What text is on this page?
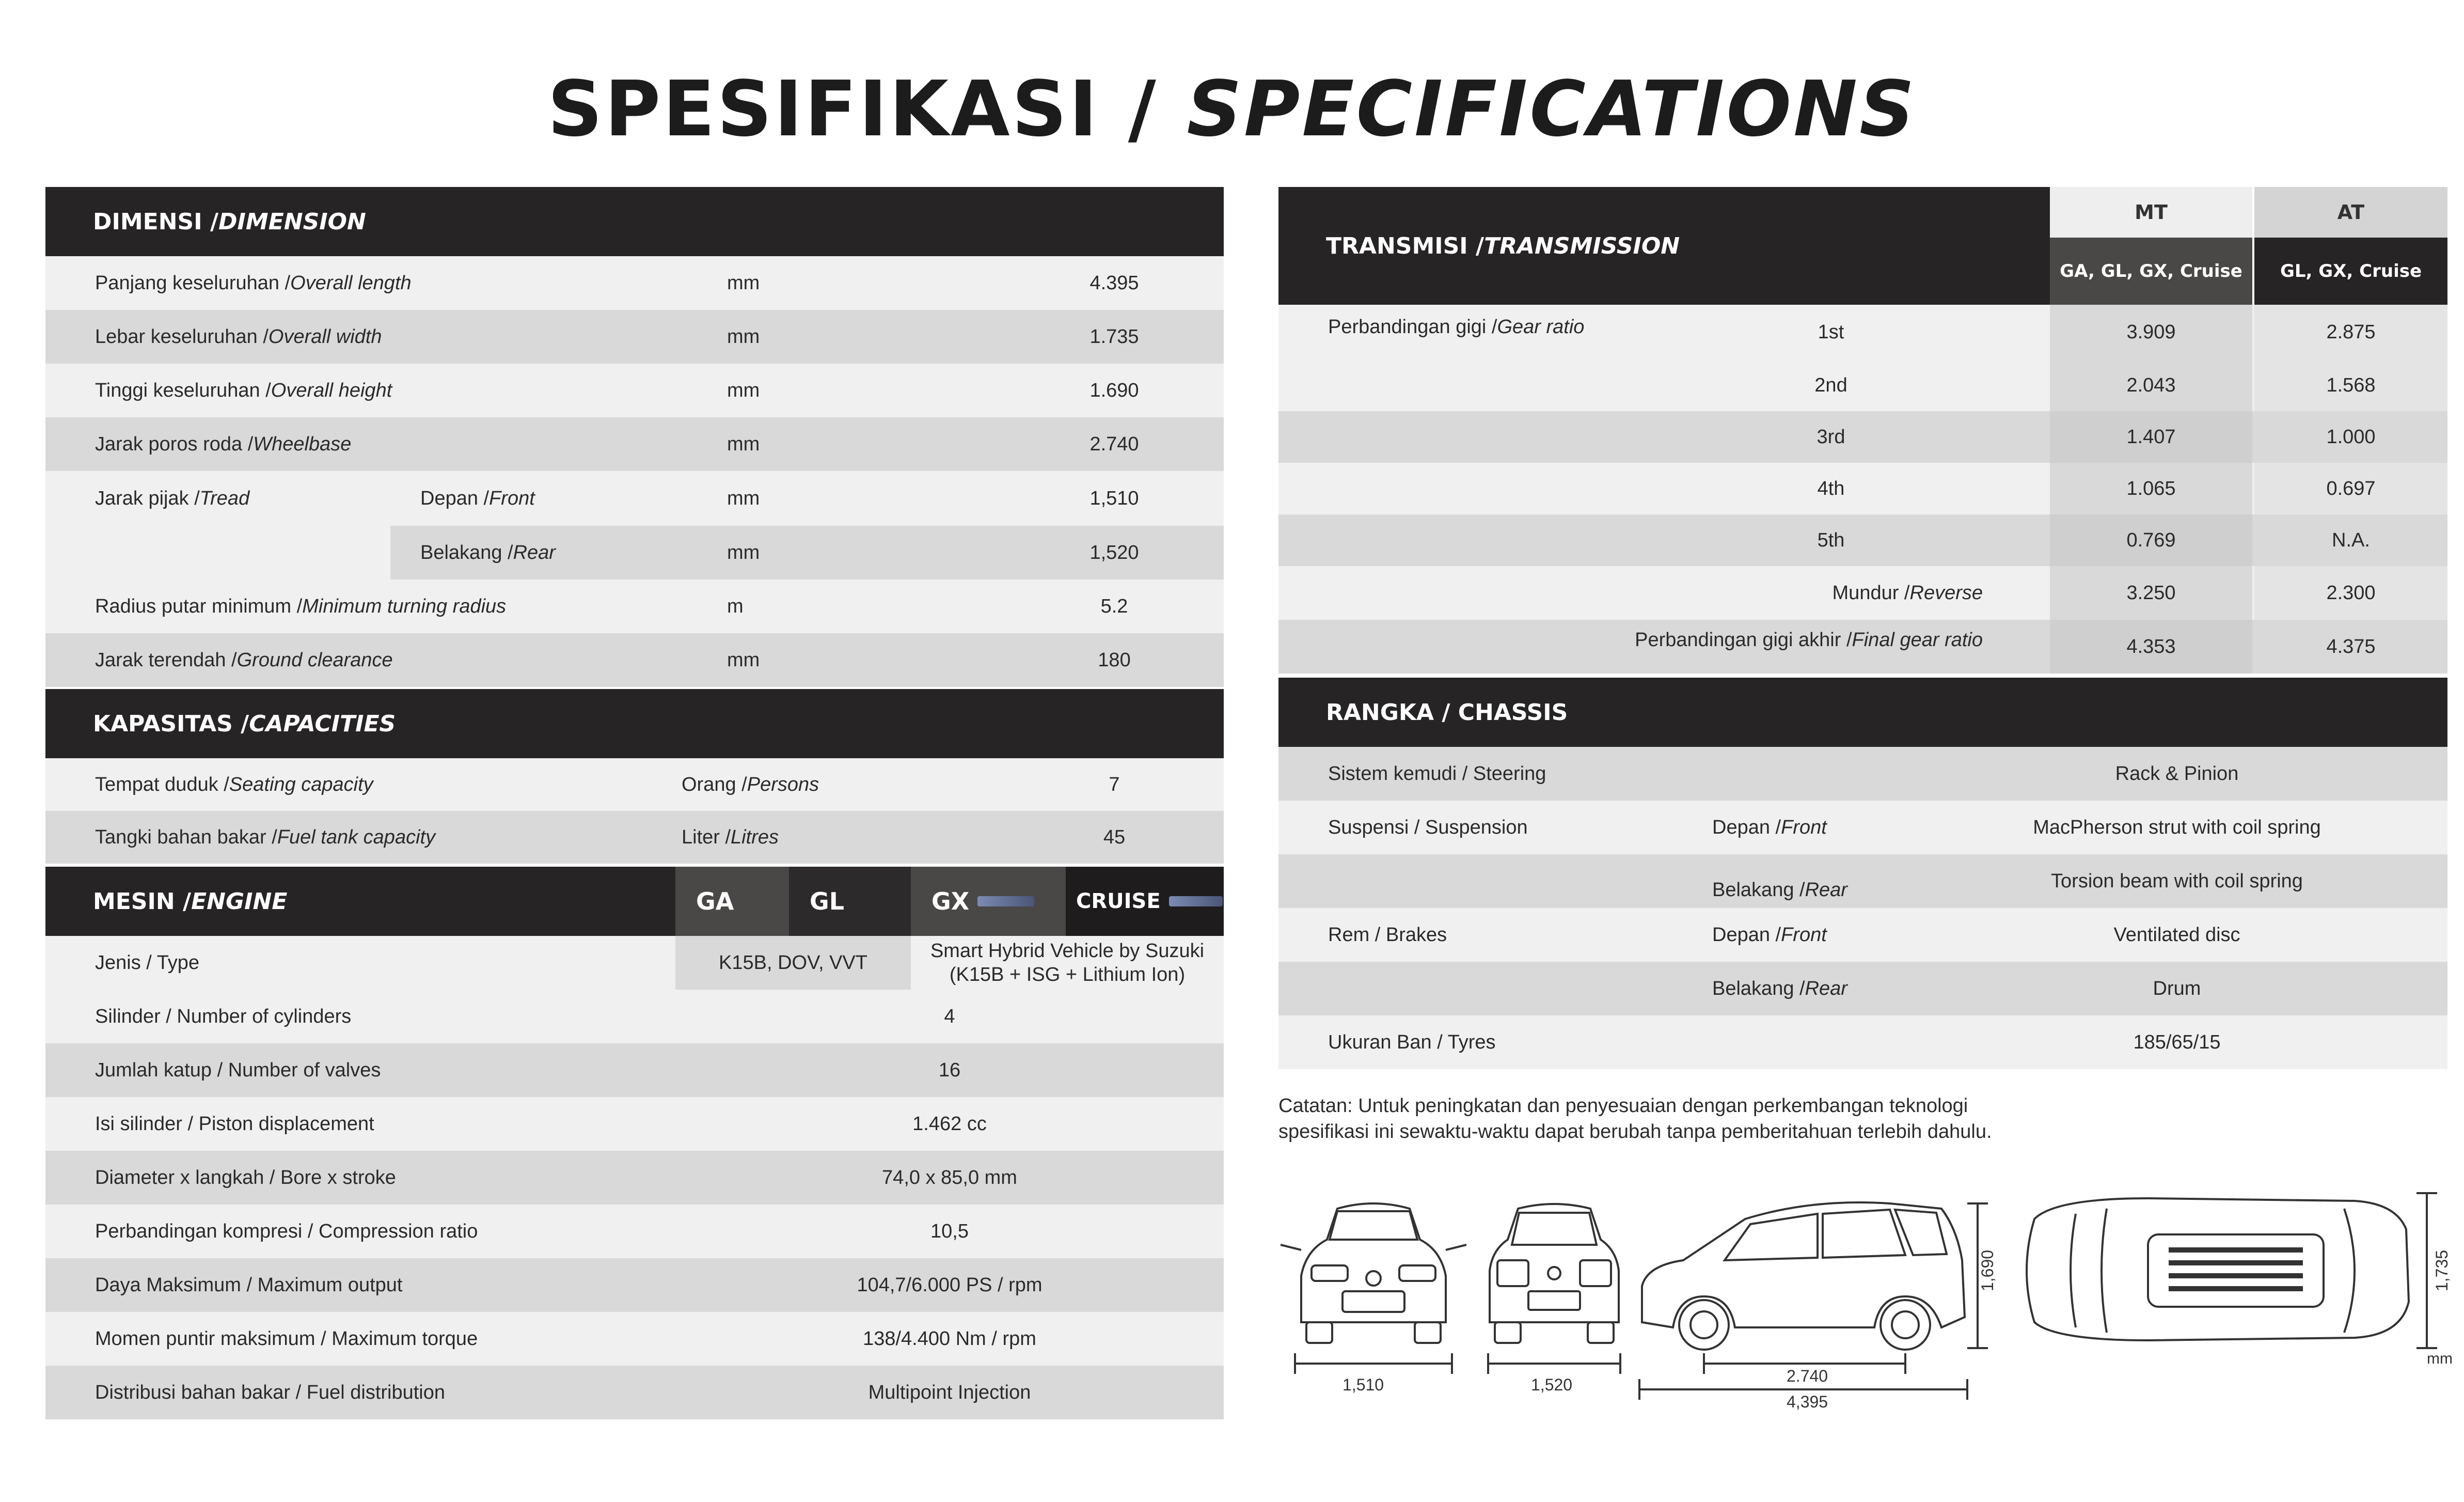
SPESIFIKASI / SPECIFICATIONS
DIMENSI / DIMENSION
Panjang keseluruhan / Overall length	mm	4.395
Lebar keseluruhan / Overall width	mm	1.735
Tinggi keseluruhan / Overall height	mm	1.690
Jarak poros roda / Wheelbase	mm	2.740
Jarak pijak / Tread	Depan / Front	mm	1,510
Belakang / Rear	mm	1,520
Radius putar minimum / Minimum turning radius	m	5.2
Jarak terendah / Ground clearance	mm	180
KAPASITAS / CAPACITIES
Tempat duduk / Seating capacity	Orang / Persons	7
Tangki bahan bakar / Fuel tank capacity	Liter / Litres	45
MESIN / ENGINE	GA	GL	GX	CRUISE
Jenis / Type	K15B, DOV, VVT
Smart Hybrid Vehicle by Suzuki
(K15B + ISG + Lithium Ion)
Silinder / Number of cylinders	4
Jumlah katup / Number of valves	16
Isi silinder / Piston displacement	1.462 cc
Diameter x langkah / Bore x stroke	74,0 x 85,0 mm
Perbandingan kompresi / Compression ratio	10,5
Daya Maksimum / Maximum output	104,7/6.000 PS / rpm
Momen puntir maksimum / Maximum torque	138/4.400 Nm / rpm
Distribusi bahan bakar / Fuel distribution	Multipoint Injection
TRANSMISI / TRANSMISSION
MT	AT
GA, GL, GX, Cruise	GL, GX, Cruise
Perbandingan gigi / Gear ratio	1st	3.909	2.875
2nd	2.043	1.568
3rd	1.407	1.000
4th	1.065	0.697
5th	0.769	N.A.
Mundur / Reverse	3.250	2.300
Perbandingan gigi akhir / Final gear ratio	4.353	4.375
RANGKA / CHASSIS
Sistem kemudi / Steering	Rack & Pinion
Suspensi / Suspension	Depan / Front	MacPherson strut with coil spring
Belakang / Rear	Torsion beam with coil spring
Rem / Brakes	Depan / Front	Ventilated disc
Belakang / Rear	Drum
Ukuran Ban / Tyres	185/65/15
Catatan: Untuk peningkatan dan penyesuaian dengan perkembangan teknologi
spesifikasi ini sewaktu-waktu dapat berubah tanpa pemberitahuan terlebih dahulu.
1,510	1,520
1,690
2.740
4,395
1,735
mm
